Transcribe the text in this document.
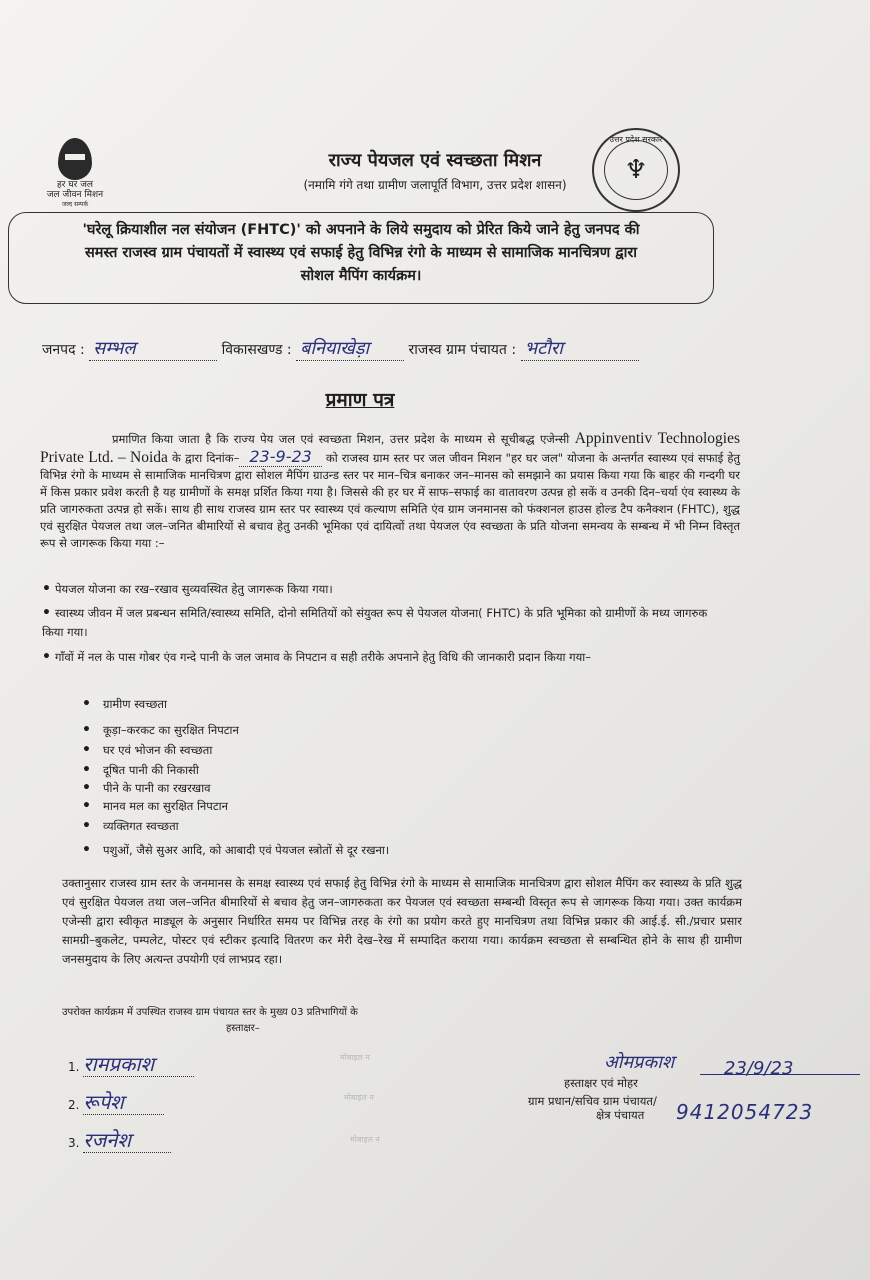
हर घर जल
जल जीवन मिशन
जल्द सम्पर्क
राज्य पेयजल एवं स्वच्छता मिशन
(नमामि गंगे तथा ग्रामीण जलापूर्ति विभाग, उत्तर प्रदेश शासन)
उत्तर प्रदेश सरकार
♆
'घरेलू क्रियाशील नल संयोजन (FHTC)' को अपनाने के लिये समुदाय को प्रेरित किये जाने हेतु जनपद की
समस्त राजस्व ग्राम पंचायतों में स्वास्थ्य एवं सफाई हेतु विभिन्न रंगो के माध्यम से सामाजिक मानचित्रण द्वारा
सोशल मैपिंग कार्यक्रम।
जनपद : सम्भल	विकासखण्ड : बनियाखेड़ा	राजस्व ग्राम पंचायत : भटौरा
प्रमाण पत्र
प्रमाणित किया जाता है कि राज्य पेय जल एवं स्वच्छता मिशन, उत्तर प्रदेश के माध्यम से सूचीबद्ध एजेन्सी Appinventiv Technologies Private Ltd. – Noida के द्वारा दिनांक– 23-9-23 को राजस्व ग्राम स्तर पर जल जीवन मिशन "हर घर जल" योजना के अन्तर्गत स्वास्थ्य एवं सफाई हेतु विभिन्न रंगो के माध्यम से सामाजिक मानचित्रण द्वारा सोशल मैपिंग ग्राउन्ड स्तर पर मान–चित्र बनाकर जन–मानस को समझाने का प्रयास किया गया कि बाहर की गन्दगी घर में किस प्रकार प्रवेश करती है यह ग्रामीणों के समक्ष प्रर्शित किया गया है। जिससे की हर घर में साफ–सफाई का वातावरण उत्पन्न हो सकें व उनकी दिन–चर्या एंव स्वास्थ्य के प्रति जागरुकता उत्पन्न हो सकें। साथ ही साथ राजस्व ग्राम स्तर पर स्वास्थ्य एवं कल्याण समिति एंव ग्राम जनमानस को फंक्शनल हाउस होल्ड टैप कनैक्शन (FHTC), शुद्ध एवं सुरक्षित पेयजल तथा जल–जनित बीमारियों से बचाव हेतु उनकी भूमिका एवं दायित्वों तथा पेयजल एंव स्वच्छता के प्रति योजना समन्वय के सम्बन्ध में भी निम्न विस्तृत रूप से जागरूक किया गया :–
• पेयजल योजना का रख–रखाव सुव्यवस्थित हेतु जागरूक किया गया।
• स्वास्थ्य जीवन में जल प्रबन्धन समिति/स्वास्थ्य समिति, दोनो समितियों को संयुक्त रूप से पेयजल योजना( FHTC) के प्रति भूमिका को ग्रामीणों के मध्य जागरुक किया गया।
• गाँवों में नल के पास गोबर एंव गन्दे पानी के जल जमाव के निपटान व सही तरीके अपनाने हेतु विधि की जानकारी प्रदान किया गया–
• ग्रामीण स्वच्छता
• कूड़ा–करकट का सुरक्षित निपटान
• घर एवं भोजन की स्वच्छता
• दूषित पानी की निकासी
• पीने के पानी का रखरखाव
• मानव मल का सुरक्षित निपटान
• व्यक्तिगत स्वच्छता
• पशुओं, जैसे सुअर आदि, को आबादी एवं पेयजल स्त्रोतों से दूर रखना।
उक्तानुसार राजस्व ग्राम स्तर के जनमानस के समक्ष स्वास्थ्य एवं सफाई हेतु विभिन्न रंगो के माध्यम से सामाजिक मानचित्रण द्वारा सोशल मैपिंग कर स्वास्थ्य के प्रति शुद्ध एवं सुरक्षित पेयजल तथा जल–जनित बीमारियों से बचाव हेतु जन–जागरुकता कर पेयजल एवं स्वच्छता सम्बन्धी विस्तृत रूप से जागरूक किया गया। उक्त कार्यक्रम एजेन्सी द्वारा स्वीकृत माड्यूल के अनुसार निर्धारित समय पर विभिन्न तरह के रंगो का प्रयोग करते हुए मानचित्रण तथा विभिन्न प्रकार की आई.ई. सी./प्रचार प्रसार सामग्री–बुकलेट, पम्पलेट, पोस्टर एवं स्टीकर इत्यादि वितरण कर मेरी देख–रेख में सम्पादित कराया गया। कार्यक्रम स्वच्छता से सम्बन्धित होने के साथ ही ग्रामीण जनसमुदाय के लिए अत्यन्त उपयोगी एवं लाभप्रद रहा।
उपरोक्त कार्यक्रम में उपस्थित राजस्व ग्राम पंचायत स्तर के मुख्य 03 प्रतिभागियों के
हस्ताक्षर–
1. रामप्रकाश
2. रूपेश
3. रजनेश
मोबाइल न
मोबाइल न
मोबाइल न
ओमप्रकाश	23/9/23
हस्ताक्षर एवं मोहर
ग्राम प्रधान/सचिव ग्राम पंचायत/
क्षेत्र पंचायत 9412054723
